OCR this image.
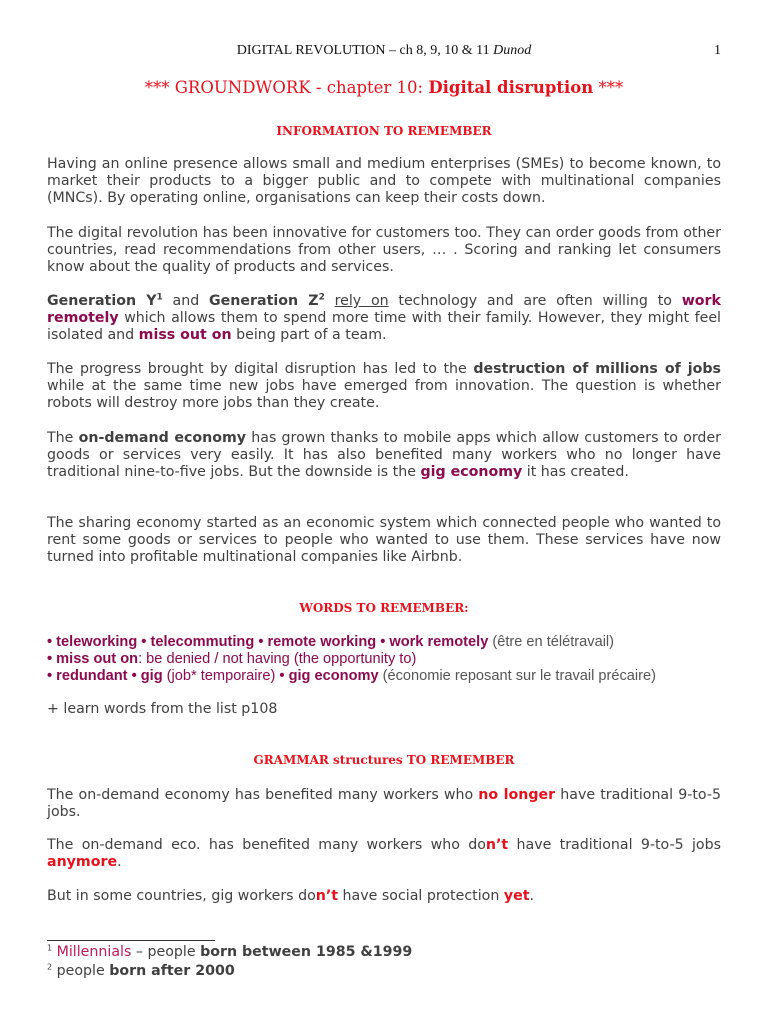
DIGITAL REVOLUTION – ch 8, 9, 10 & 11 Dunod	1
*** GROUNDWORK - chapter 10: Digital disruption ***
INFORMATION TO REMEMBER
Having an online presence allows small and medium enterprises (SMEs) to become known, to market their products to a bigger public and to compete with multinational companies (MNCs). By operating online, organisations can keep their costs down.
The digital revolution has been innovative for customers too. They can order goods from other countries, read recommendations from other users, … . Scoring and ranking let consumers know about the quality of products and services.
Generation $Y^1$ and Generation $Z^2$ rely on technology and are often willing to work remotely which allows them to spend more time with their family. However, they might feel isolated and miss out on being part of a team.
The progress brought by digital disruption has led to the destruction of millions of jobs while at the same time new jobs have emerged from innovation. The question is whether robots will destroy more jobs than they create.
The on-demand economy has grown thanks to mobile apps which allow customers to order goods or services very easily. It has also benefited many workers who no longer have traditional nine-to-five jobs. But the downside is the gig economy it has created.
The sharing economy started as an economic system which connected people who wanted to rent some goods or services to people who wanted to use them. These services have now turned into profitable multinational companies like Airbnb.
WORDS TO REMEMBER:
• teleworking • telecommuting • remote working • work remotely (être en télétravail)
• miss out on: be denied / not having (the opportunity to)
• redundant • gig (job* temporaire) • gig economy (économie reposant sur le travail précaire)
+ learn words from the list p108
GRAMMAR structures TO REMEMBER
The on-demand economy has benefited many workers who no longer have traditional 9-to-5 jobs.
The on-demand eco. has benefited many workers who don’t have traditional 9-to-5 jobs anymore.
But in some countries, gig workers don’t have social protection yet.
$^1$ Millennials – people born between 1985 &1999
$^2$ people born after 2000
